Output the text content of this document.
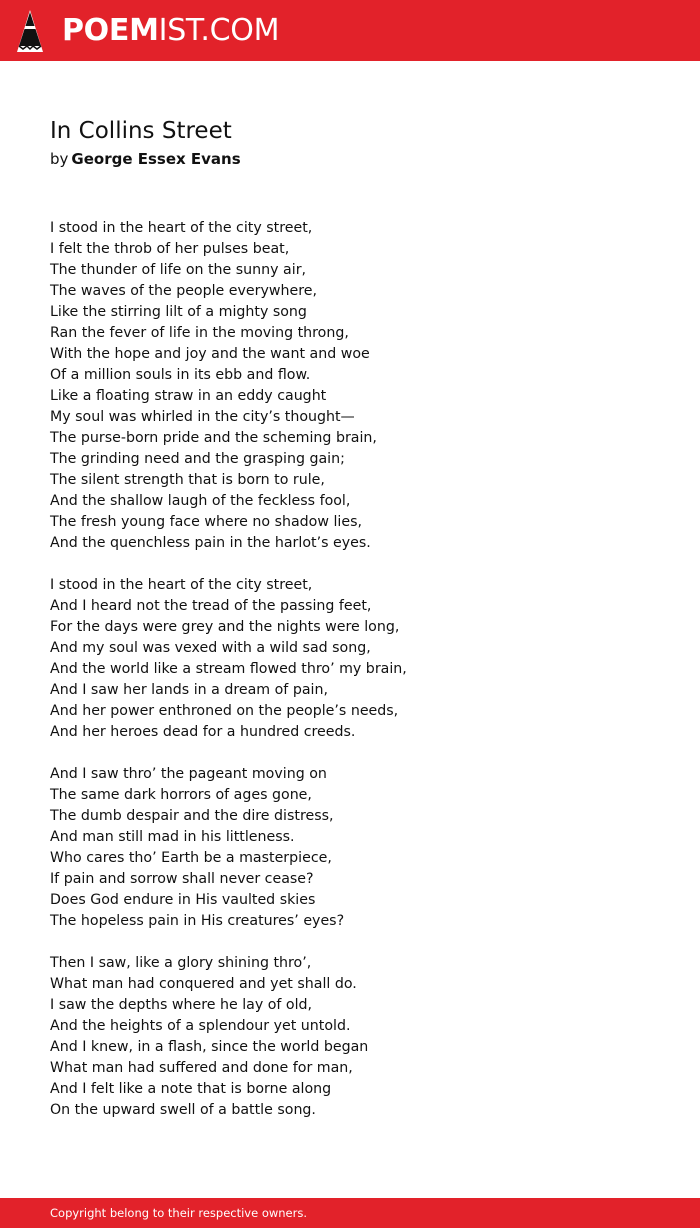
POEMIST.COM
In Collins Street
by George Essex Evans
I stood in the heart of the city street,
I felt the throb of her pulses beat,
The thunder of life on the sunny air,
The waves of the people everywhere,
Like the stirring lilt of a mighty song
Ran the fever of life in the moving throng,
With the hope and joy and the want and woe
Of a million souls in its ebb and flow.
Like a floating straw in an eddy caught
My soul was whirled in the city’s thought—
The purse-born pride and the scheming brain,
The grinding need and the grasping gain;
The silent strength that is born to rule,
And the shallow laugh of the feckless fool,
The fresh young face where no shadow lies,
And the quenchless pain in the harlot’s eyes.
I stood in the heart of the city street,
And I heard not the tread of the passing feet,
For the days were grey and the nights were long,
And my soul was vexed with a wild sad song,
And the world like a stream flowed thro’ my brain,
And I saw her lands in a dream of pain,
And her power enthroned on the people’s needs,
And her heroes dead for a hundred creeds.
And I saw thro’ the pageant moving on
The same dark horrors of ages gone,
The dumb despair and the dire distress,
And man still mad in his littleness.
Who cares tho’ Earth be a masterpiece,
If pain and sorrow shall never cease?
Does God endure in His vaulted skies
The hopeless pain in His creatures’ eyes?
Then I saw, like a glory shining thro’,
What man had conquered and yet shall do.
I saw the depths where he lay of old,
And the heights of a splendour yet untold.
And I knew, in a flash, since the world began
What man had suffered and done for man,
And I felt like a note that is borne along
On the upward swell of a battle song.
Copyright belong to their respective owners.
